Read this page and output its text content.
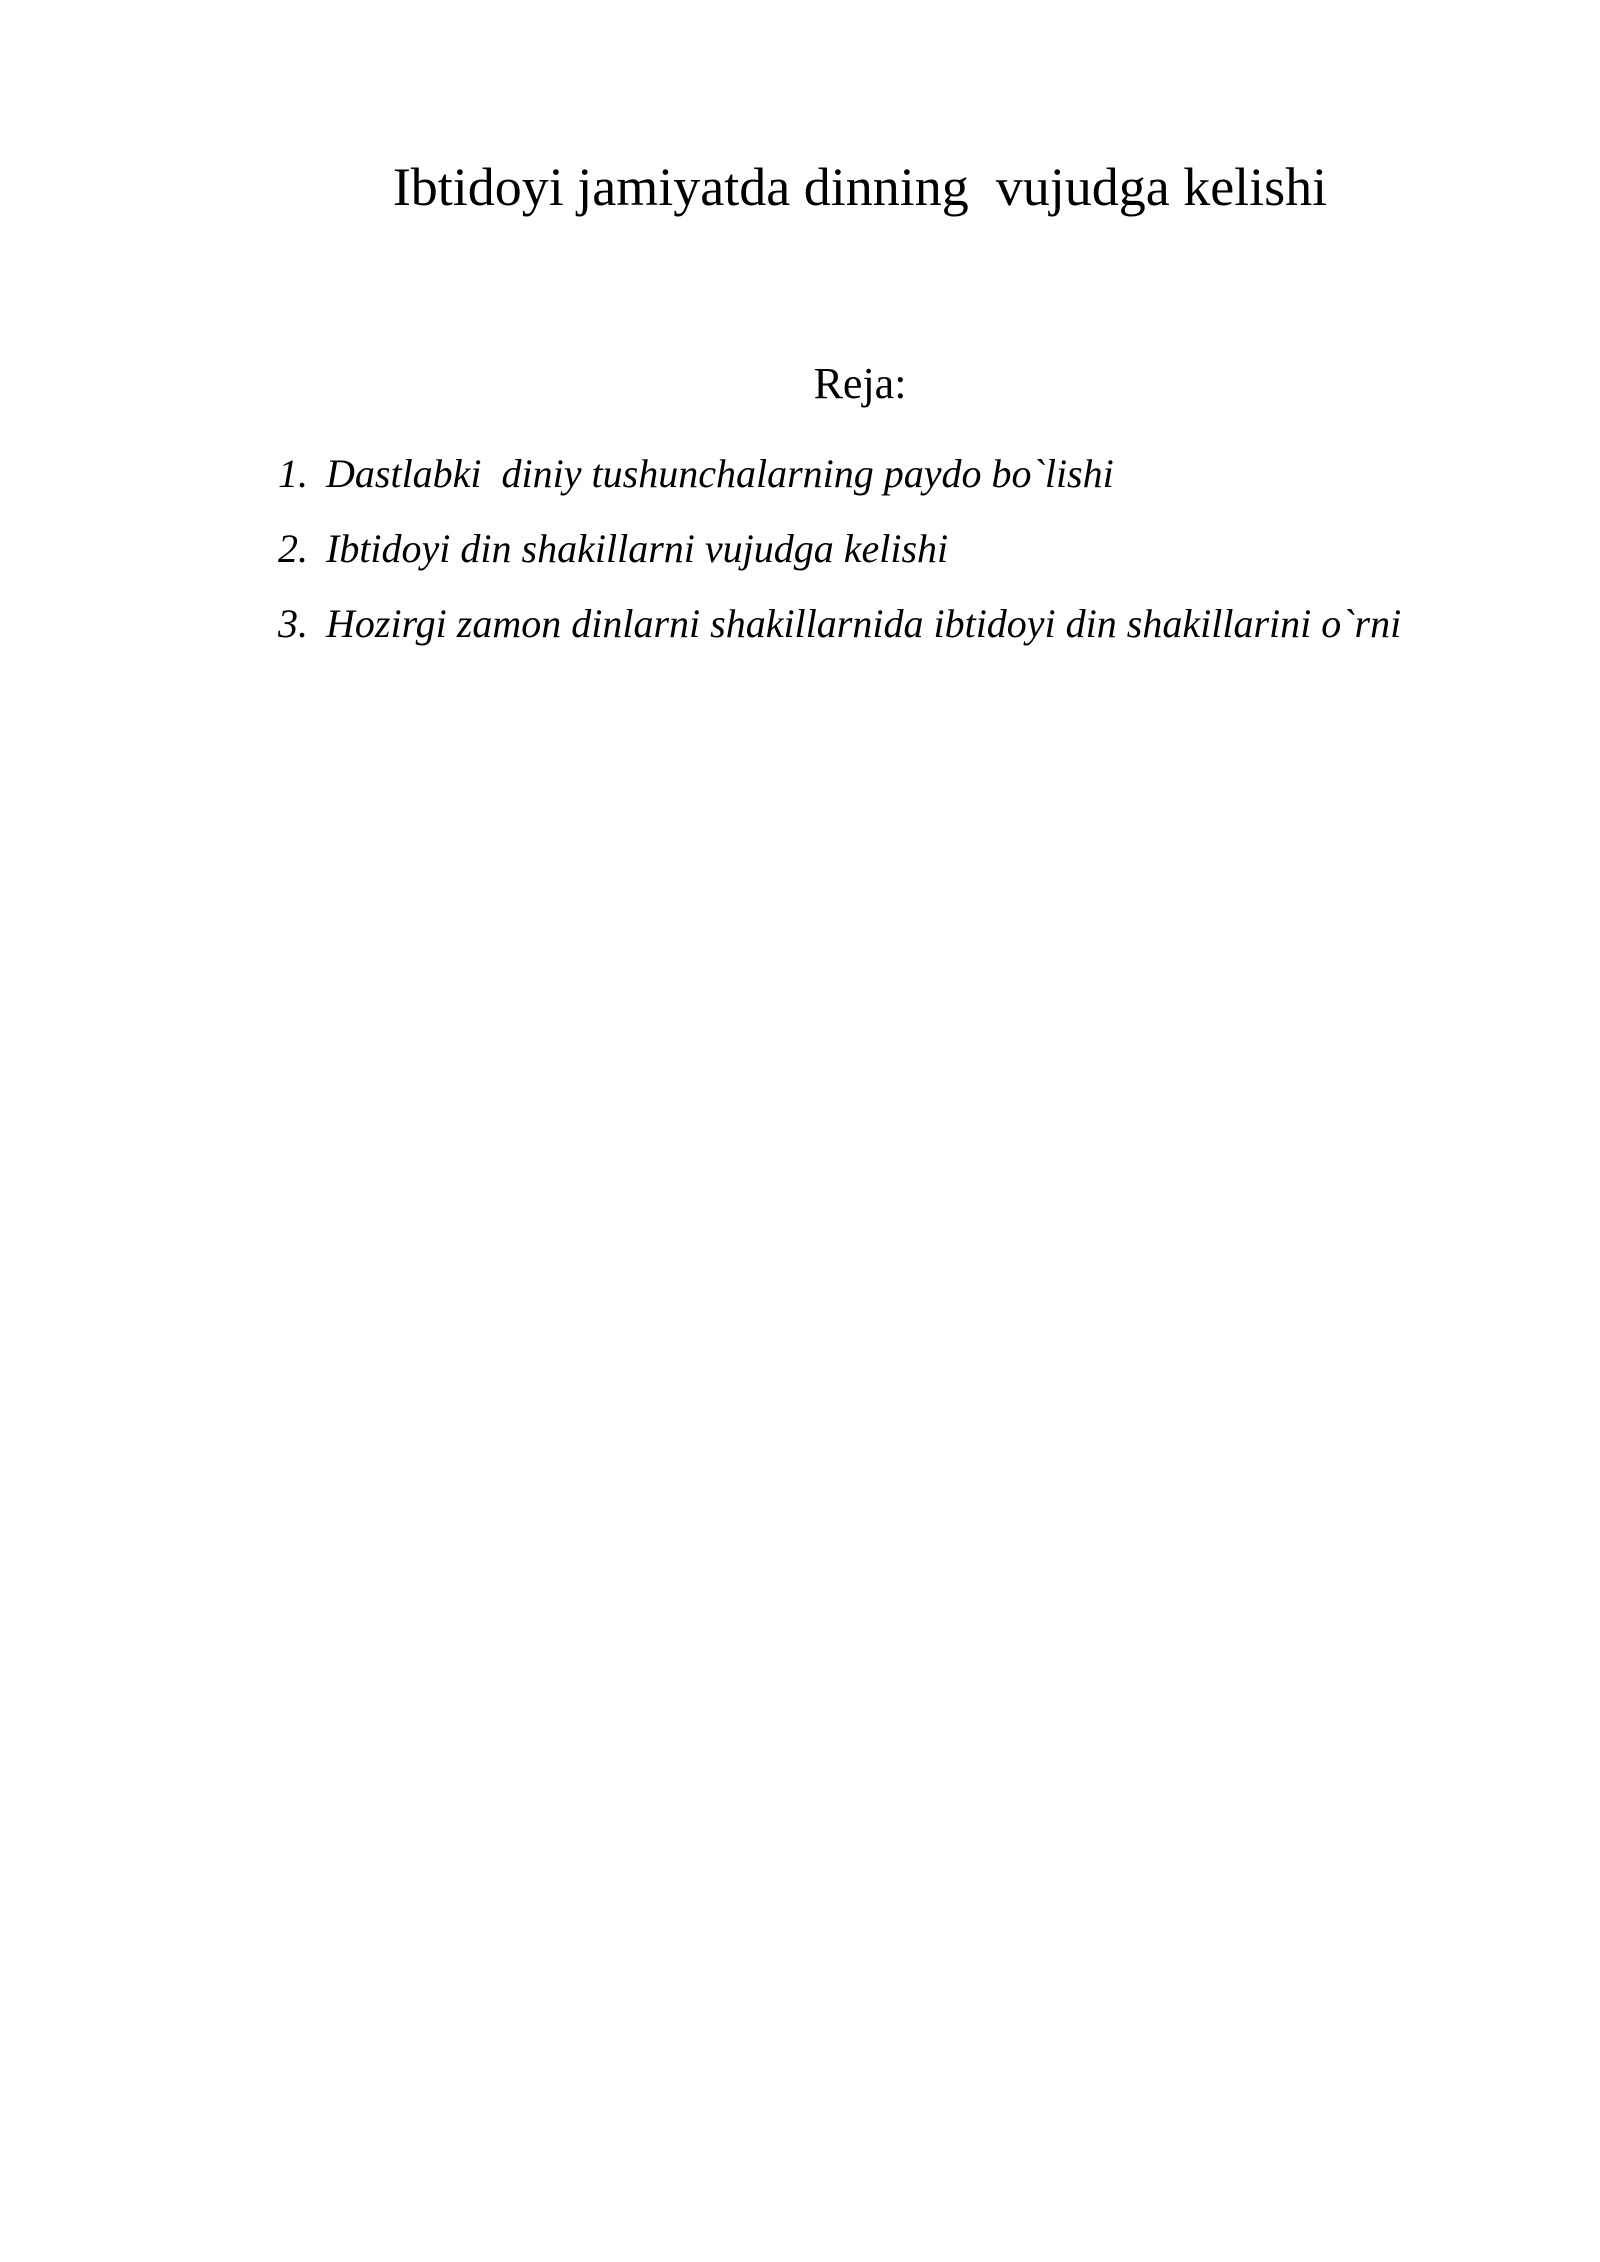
Ibtidoyi jamiyatda dinning  vujudga kelishi
Reja:
1. Dastlabki  diniy tushunchalarning paydo bo`lishi
2. Ibtidoyi din shakillarni vujudga kelishi
3. Hozirgi zamon dinlarni shakillarnida ibtidoyi din shakillarini o`rni
